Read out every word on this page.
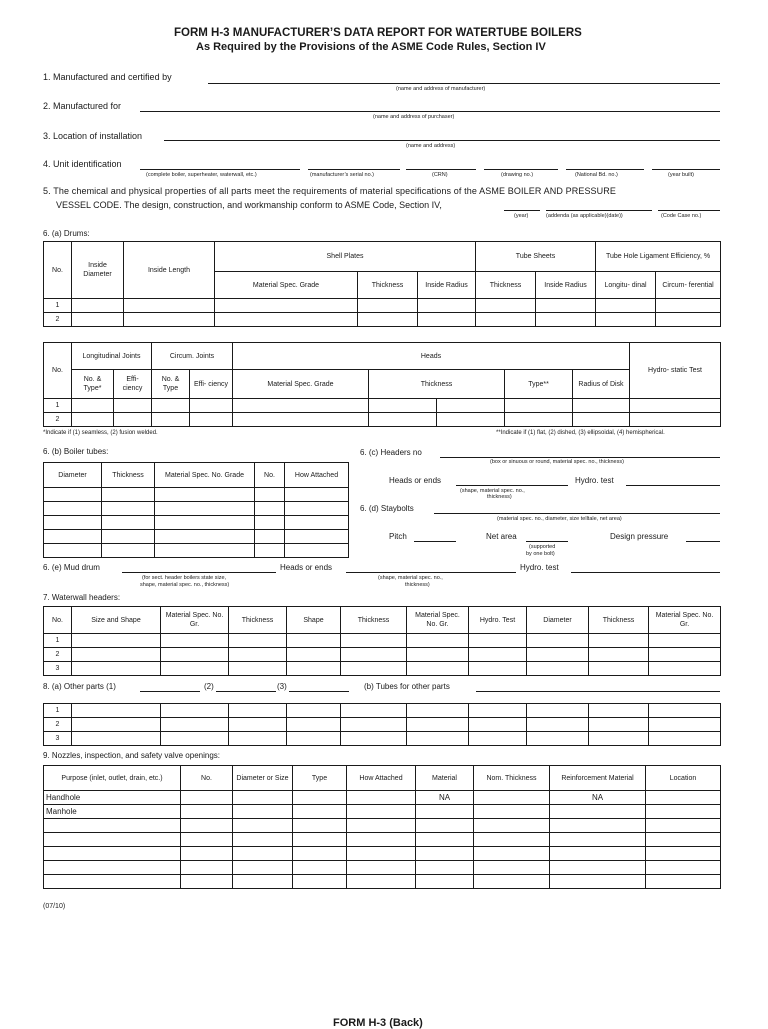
FORM H-3 MANUFACTURER’S DATA REPORT FOR WATERTUBE BOILERS
As Required by the Provisions of the ASME Code Rules, Section IV
1. Manufactured and certified by
(name and address of manufacturer)
2. Manufactured for
(name and address of purchaser)
3. Location of installation
(name and address)
4. Unit identification
(complete boiler, superheater, waterwall, etc.)	(manufacturer’s serial no.)	(CRN)	(drawing no.)	(National Bd. no.)	(year built)
5. The chemical and physical properties of all parts meet the requirements of material specifications of the ASME BOILER AND PRESSURE
VESSEL CODE. The design, construction, and workmanship conform to ASME Code, Section IV,
(year)	(addenda (as applicable)(date))	(Code Case no.)
6. (a) Drums:
No.	Inside Diameter	Inside Length	Shell Plates			Tube Sheets		Tube Hole Ligament Efficiency, %	
			Material Spec. Grade	Thickness	Inside Radius	Thickness	Inside Radius	Longitu- dinal	Circum- ferential
1									
2									
No.	Longitudinal Joints		Circum. Joints		Heads					Hydro- static Test
	No. & Type*	Effi- ciency	No. & Type	Effi- ciency	Material Spec. Grade	Thickness		Type**	Radius of Disk	
1										
2										
*Indicate if (1) seamless, (2) fusion welded.	**Indicate if (1) flat, (2) dished, (3) ellipsoidal, (4) hemispherical.
6. (b) Boiler tubes:
Diameter	Thickness	Material Spec. No. Grade	No.	How Attached

6. (c) Headers no
(box or sinuous or round, material spec. no., thickness)
Heads or ends
(shape, material spec. no.,
thickness)
Hydro. test
6. (d) Staybolts
(material spec. no., diameter, size telltale, net area)
Pitch	Net area
(supported
by one bolt)
Design pressure
6. (e) Mud drum
(for sect. header boilers state size,
shape, material spec. no., thickness)
Heads or ends
(shape, material spec. no.,
thickness)
Hydro. test
7. Waterwall headers:
No.	Size and Shape	Material Spec. No. Gr.	Thickness	Shape	Thickness	Material Spec. No. Gr.	Hydro. Test	Diameter	Thickness	Material Spec. No. Gr.
1										
2										
3										
8. (a) Other parts (1)	(2)	(3)	(b) Tubes for other parts
1										
2										
3										
9. Nozzles, inspection, and safety valve openings:
Purpose (inlet, outlet, drain, etc.)	No.	Diameter or Size	Type	How Attached	Material	Nom. Thickness	Reinforcement Material	Location
Handhole					NA		NA	
Manhole								

(07/10)
FORM H-3 (Back)
